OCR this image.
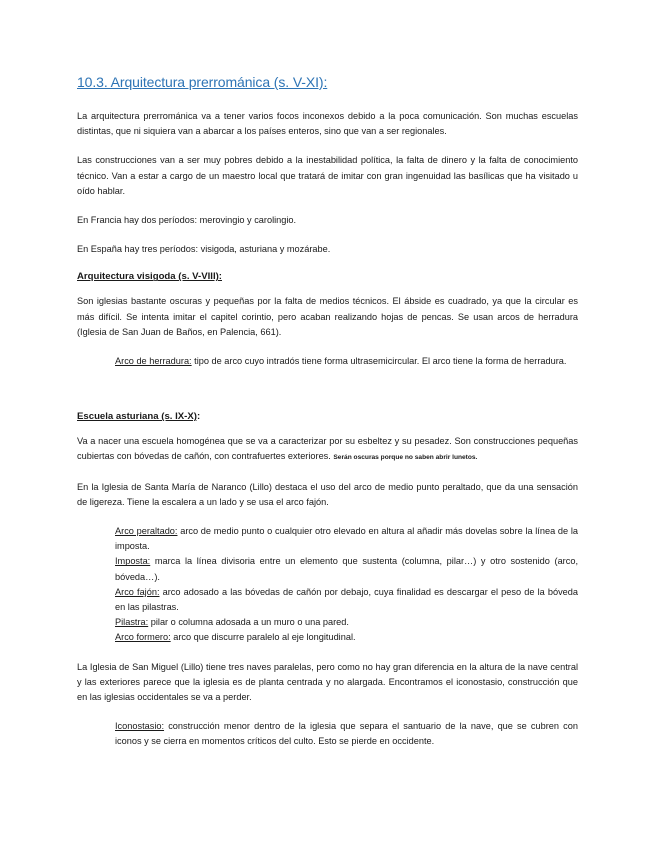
10.3. Arquitectura prerrománica (s. V-XI):

La arquitectura prerrománica va a tener varios focos inconexos debido a la poca comunicación. Son muchas escuelas distintas, que ni siquiera van a abarcar a los países enteros, sino que van a ser regionales.

Las construcciones van a ser muy pobres debido a la inestabilidad política, la falta de dinero y la falta de conocimiento técnico. Van a estar a cargo de un maestro local que tratará de imitar con gran ingenuidad las basílicas que ha visitado u oído hablar.

En Francia hay dos períodos: merovingio y carolingio.

En España hay tres períodos: visigoda, asturiana y mozárabe.

Arquitectura visigoda (s. V-VIII):

Son iglesias bastante oscuras y pequeñas por la falta de medios técnicos. El ábside es cuadrado, ya que la circular es más difícil. Se intenta imitar el capitel corintio, pero acaban realizando hojas de pencas. Se usan arcos de herradura (Iglesia de San Juan de Baños, en Palencia, 661).

Arco de herradura: tipo de arco cuyo intradós tiene forma ultrasemicircular. El arco tiene la forma de herradura.

Escuela asturiana (s. IX-X):

Va a nacer una escuela homogénea que se va a caracterizar por su esbeltez y su pesadez. Son construcciones pequeñas cubiertas con bóvedas de cañón, con contrafuertes exteriores. Serán oscuras porque no saben abrir lunetos.

En la Iglesia de Santa María de Naranco (Lillo) destaca el uso del arco de medio punto peraltado, que da una sensación de ligereza. Tiene la escalera a un lado y se usa el arco fajón.

Arco peraltado: arco de medio punto o cualquier otro elevado en altura al añadir más dovelas sobre la línea de la imposta.

Imposta: marca la línea divisoria entre un elemento que sustenta (columna, pilar…) y otro sostenido (arco, bóveda…).

Arco fajón: arco adosado a las bóvedas de cañón por debajo, cuya finalidad es descargar el peso de la bóveda en las pilastras.

Pilastra: pilar o columna adosada a un muro o una pared.

Arco formero: arco que discurre paralelo al eje longitudinal.

La Iglesia de San Miguel (Lillo) tiene tres naves paralelas, pero como no hay gran diferencia en la altura de la nave central y las exteriores parece que la iglesia es de planta centrada y no alargada. Encontramos el iconostasio, construcción que en las iglesias occidentales se va a perder.

Iconostasio: construcción menor dentro de la iglesia que separa el santuario de la nave, que se cubren con iconos y se cierra en momentos críticos del culto. Esto se pierde en occidente.
